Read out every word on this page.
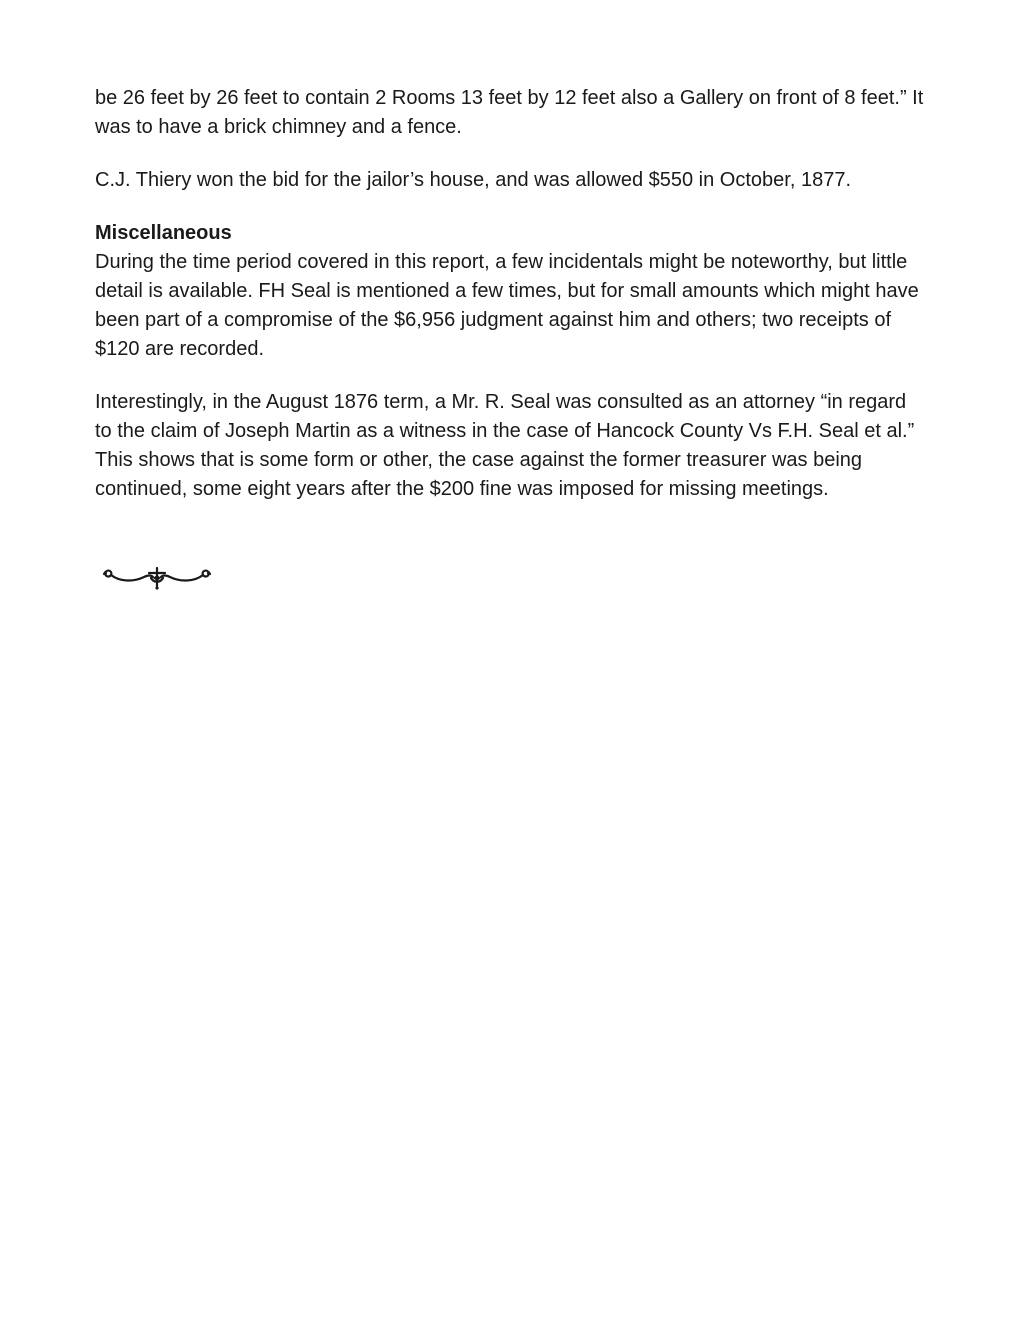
be 26 feet by 26 feet to contain 2 Rooms 13 feet by 12 feet also a Gallery on front of 8 feet.” It was to have a brick chimney and a fence.

C.J. Thiery won the bid for the jailor’s house, and was allowed $550 in October, 1877.

Miscellaneous

During the time period covered in this report, a few incidentals might be noteworthy, but little detail is available. FH Seal is mentioned a few times, but for small amounts which might have been part of a compromise of the $6,956 judgment against him and others; two receipts of $120 are recorded.

Interestingly, in the August 1876 term, a Mr. R. Seal was consulted as an attorney “in regard to the claim of Joseph Martin as a witness in the case of Hancock County Vs F.H. Seal et al.” This shows that is some form or other, the case against the former treasurer was being continued, some eight years after the $200 fine was imposed for missing meetings.
